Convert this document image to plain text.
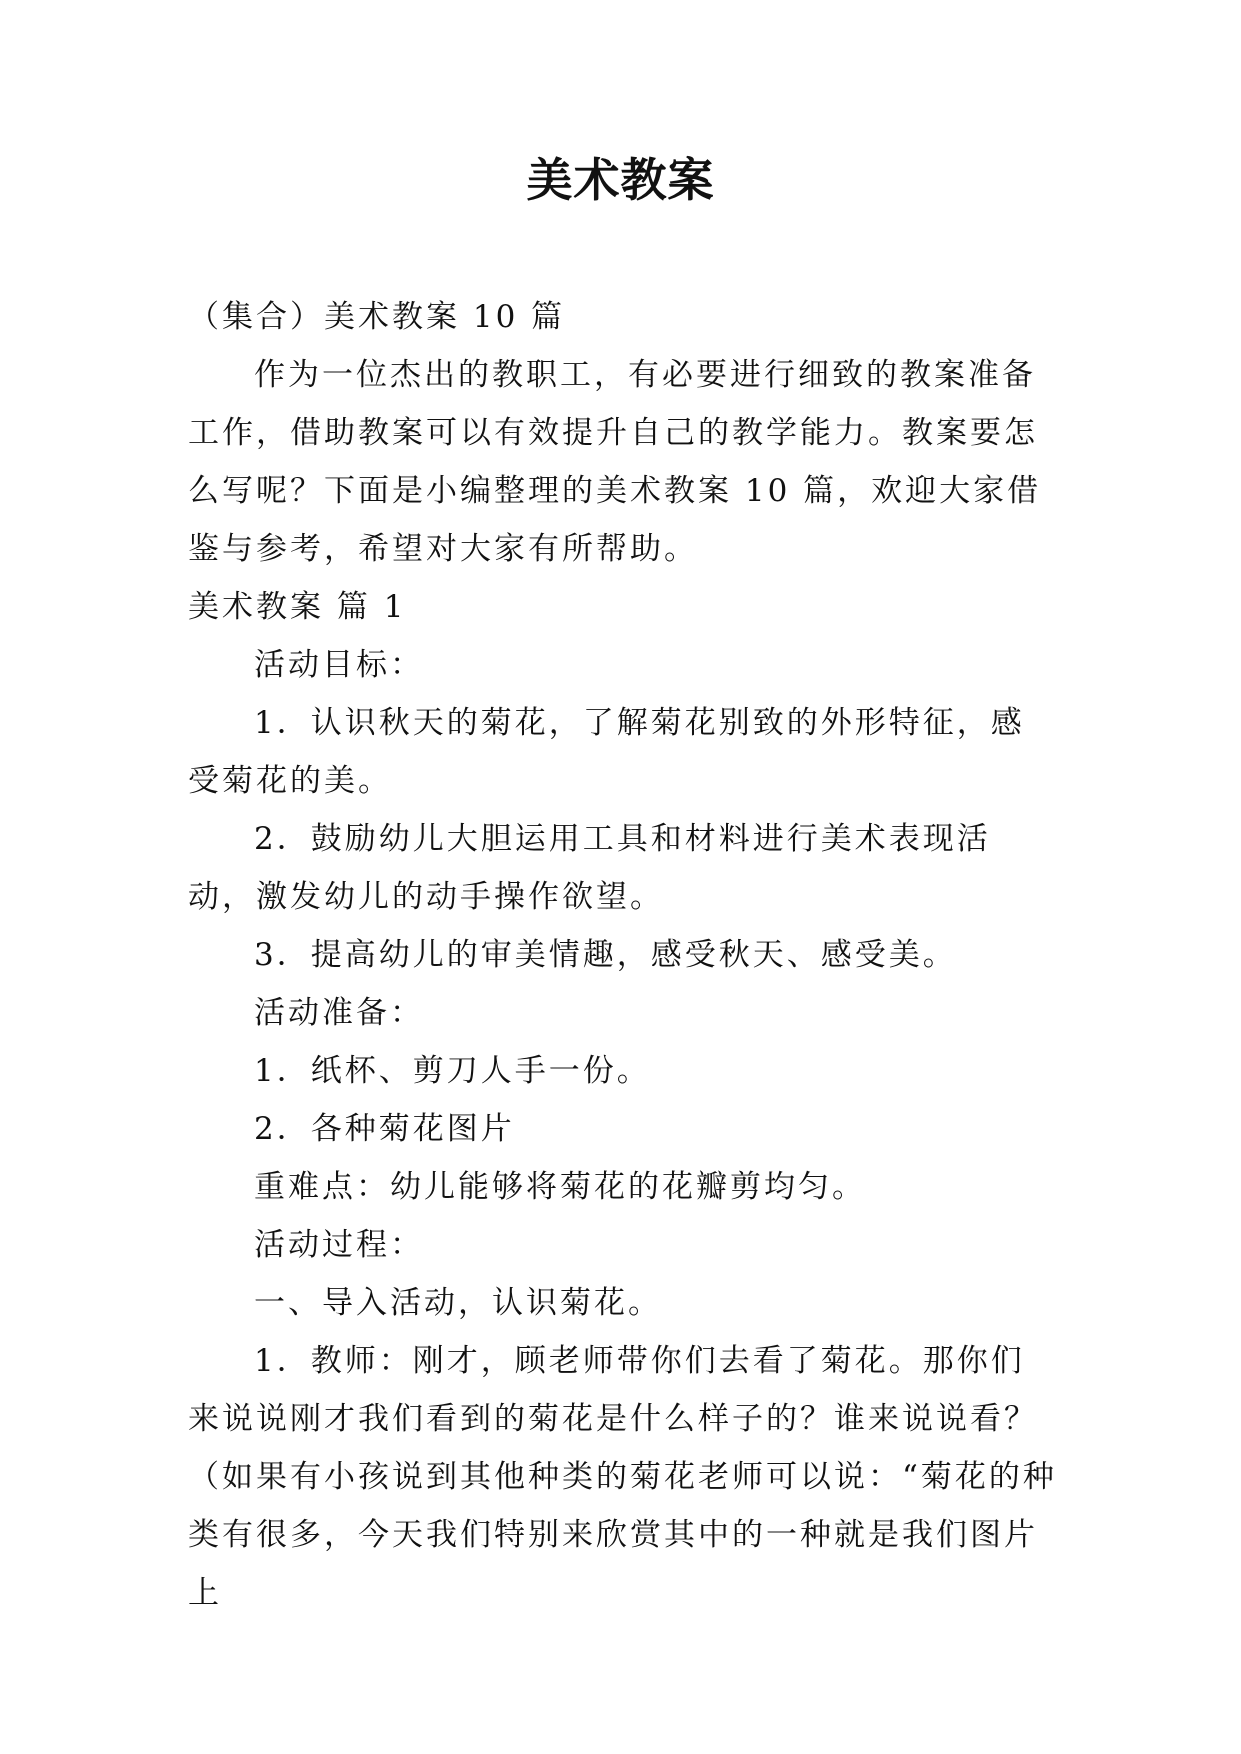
美术教案

（集合）美术教案 10 篇

作为一位杰出的教职工，有必要进行细致的教案准备工作，借助教案可以有效提升自己的教学能力。教案要怎么写呢？下面是小编整理的美术教案 10 篇，欢迎大家借鉴与参考，希望对大家有所帮助。

美术教案 篇 1

活动目标：

1．认识秋天的菊花，了解菊花别致的外形特征，感受菊花的美。

2．鼓励幼儿大胆运用工具和材料进行美术表现活动，激发幼儿的动手操作欲望。

3．提高幼儿的审美情趣，感受秋天、感受美。

活动准备：

1．纸杯、剪刀人手一份。

2．各种菊花图片

重难点：幼儿能够将菊花的花瓣剪均匀。

活动过程：

一、导入活动，认识菊花。

1．教师：刚才，顾老师带你们去看了菊花。那你们来说说刚才我们看到的菊花是什么样子的？谁来说说看？（如果有小孩说到其他种类的菊花老师可以说：“菊花的种类有很多，今天我们特别来欣赏其中的一种就是我们图片上
